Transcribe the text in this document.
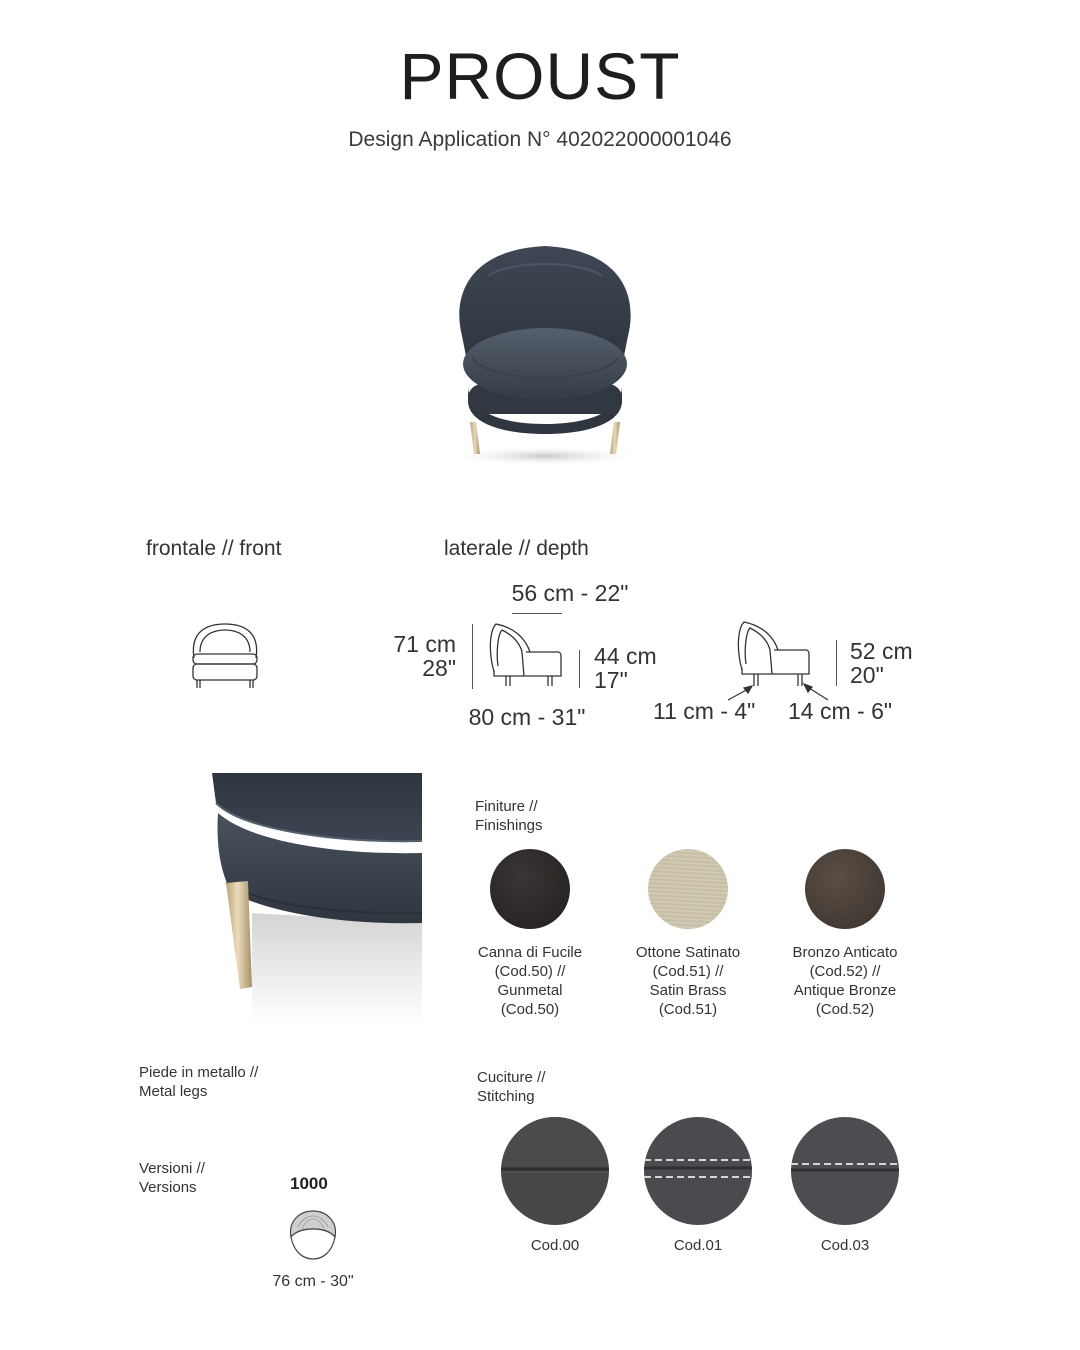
PROUST
Design Application N° 402022000001046
frontale // front	laterale // depth
56 cm - 22"
71 cm
28"	44 cm
17"
80 cm - 31"
52 cm
20"
11 cm - 4" 14 cm - 6"
Piede in metallo //
Metal legs
Finiture //
Finishings
Canna di Fucile
(Cod.50) //
Gunmetal
(Cod.50)
Ottone Satinato
(Cod.51) //
Satin Brass
(Cod.51)
Bronzo Anticato
(Cod.52) //
Antique Bronze
(Cod.52)
Cuciture //
Stitching
Cod.00	Cod.01	Cod.03
Versioni //
Versions	1000
76 cm - 30"
